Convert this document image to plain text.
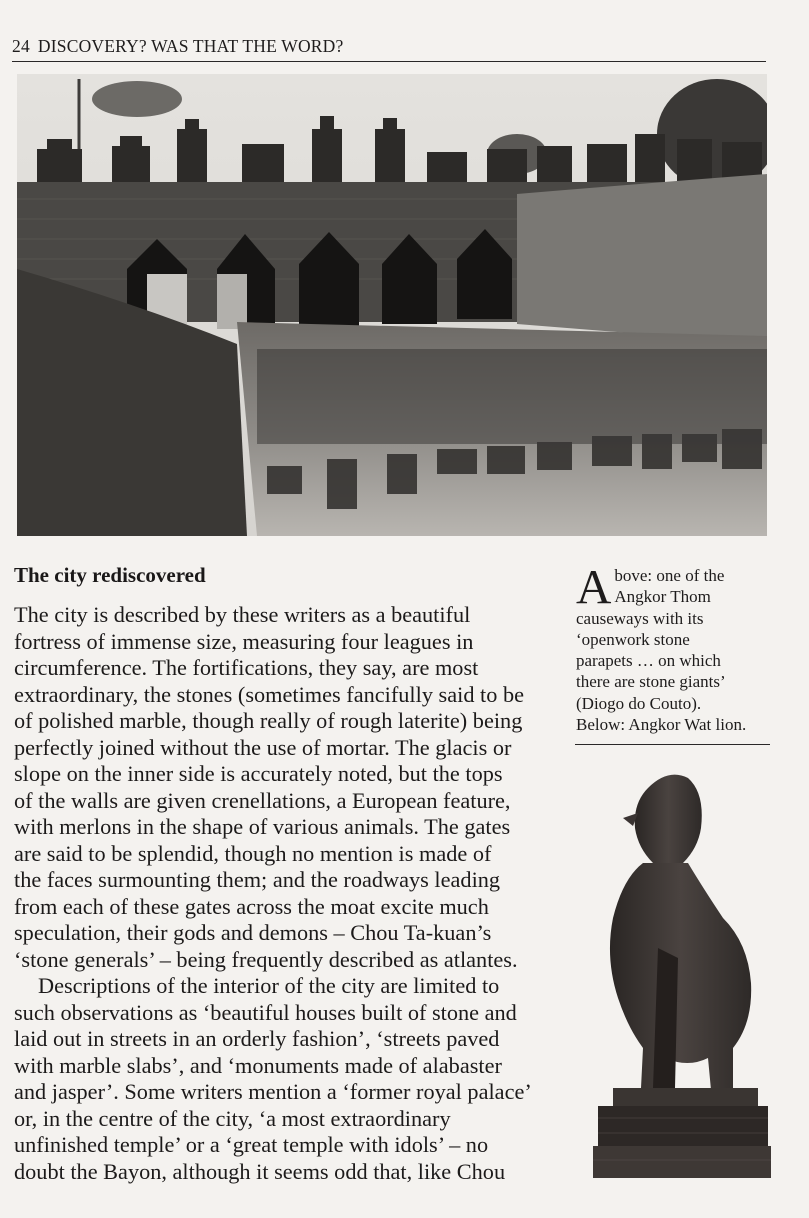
24 DISCOVERY? WAS THAT THE WORD?
The city rediscovered

The city is described by these writers as a beautiful
fortress of immense size, measuring four leagues in
circumference. The fortifications, they say, are most
extraordinary, the stones (sometimes fancifully said to be
of polished marble, though really of rough laterite) being
perfectly joined without the use of mortar. The glacis or
slope on the inner side is accurately noted, but the tops
of the walls are given crenellations, a European feature,
with merlons in the shape of various animals. The gates
are said to be splendid, though no mention is made of
the faces surmounting them; and the roadways leading
from each of these gates across the moat excite much
speculation, their gods and demons – Chou Ta-kuan’s
‘stone generals’ – being frequently described as atlantes.

Descriptions of the interior of the city are limited to
such observations as ‘beautiful houses built of stone and
laid out in streets in an orderly fashion’, ‘streets paved
with marble slabs’, and ‘monuments made of alabaster
and jasper’. Some writers mention a ‘former royal palace’
or, in the centre of the city, ‘a most extraordinary
unfinished temple’ or a ‘great temple with idols’ – no
doubt the Bayon, although it seems odd that, like Chou

A bove: one of the
Angkor Thom
causeways with its
‘openwork stone
parapets … on which
there are stone giants’
(Diogo do Couto).
Below: Angkor Wat lion.
